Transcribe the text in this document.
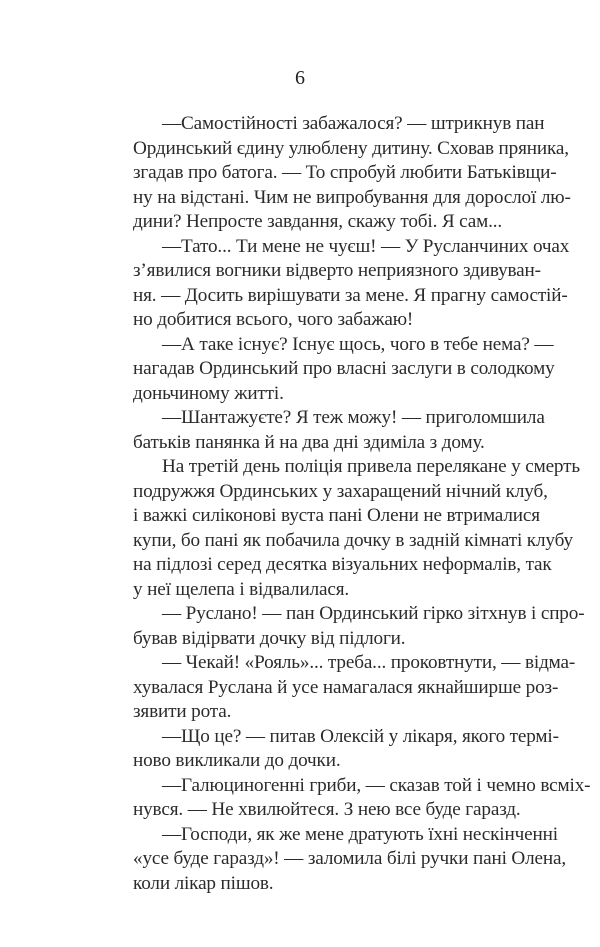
6
—Самостійності забажалося? — штрикнув пан
Ординський єдину улюблену дитину. Сховав пряника,
згадав про батога. — То спробуй любити Батьківщи-
ну на відстані. Чим не випробування для дорослої лю-
дини? Непросте завдання, скажу тобі. Я сам...
—Тато... Ти мене не чуєш! — У Русланчиних очах
з’явилися вогники відверто неприязного здивуван-
ня. — Досить вирішувати за мене. Я прагну самостій-
но добитися всього, чого забажаю!
—А таке існує? Існує щось, чого в тебе нема? —
нагадав Ординський про власні заслуги в солодкому
доньчиному житті.
—Шантажуєте? Я теж можу! — приголомшила
батьків панянка й на два дні здиміла з дому.
На третій день поліція привела перелякане у смерть
подружжя Ординських у захаращений нічний клуб,
і важкі силіконові вуста пані Олени не втрималися
купи, бо пані як побачила дочку в задній кімнаті клубу
на підлозі серед десятка візуальних неформалів, так
у неї щелепа і відвалилася.
— Руслано! — пан Ординський гірко зітхнув і спро-
бував відірвати дочку від підлоги.
— Чекай! «Рояль»... треба... проковтнути, — відма-
хувалася Руслана й усе намагалася якнайширше роз-
зявити рота.
—Що це? — питав Олексій у лікаря, якого термі-
ново викликали до дочки.
—Галюциногенні гриби, — сказав той і чемно всміх-
нувся. — Не хвилюйтеся. З нею все буде гаразд.
—Господи, як же мене дратують їхні нескінченні
«усе буде гаразд»! — заломила білі ручки пані Олена,
коли лікар пішов.
